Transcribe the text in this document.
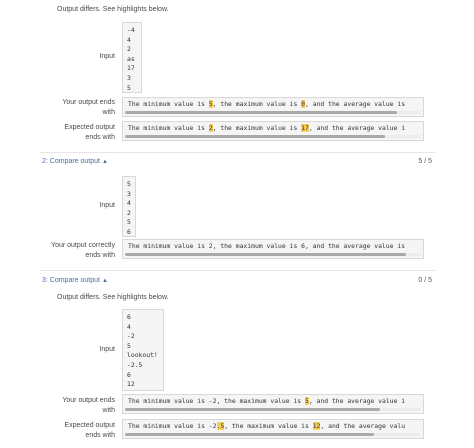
Output differs. See highlights below.
Input
-4
4
2
as
17
3
5
Your output ends
with
The minimum value is 5, the maximum value is 0, and the average value is
Expected output
ends with
The minimum value is 2, the maximum value is 17, and the average value i
2: Compare output ▲	5 / 5
Input
5
3
4
2
5
6
Your output correctly
ends with
The minimum value is 2, the maximum value is 6, and the average value is
3: Compare output ▲	0 / 5
Output differs. See highlights below.
Input
6
4
-2
5
lookout!
-2.5
6
12
Your output ends
with
The minimum value is -2, the maximum value is 5, and the average value i
Expected output
ends with
The minimum value is -2.5, the maximum value is 12, and the average valu
